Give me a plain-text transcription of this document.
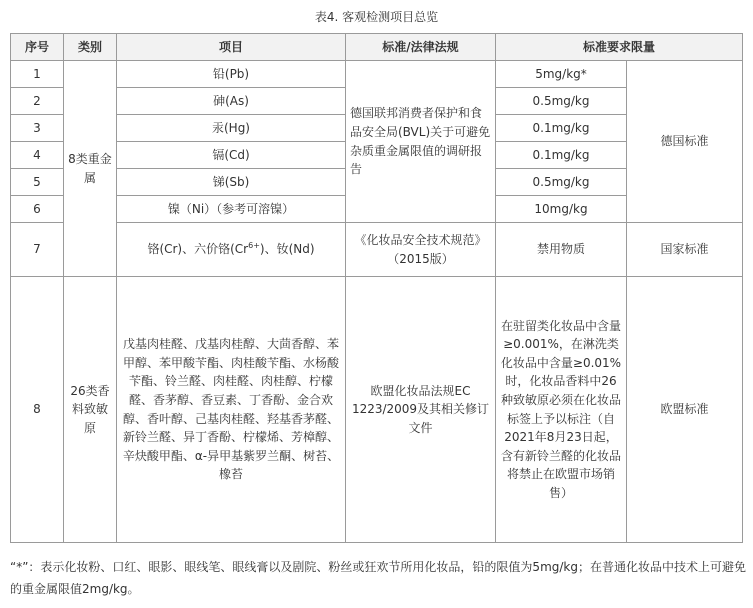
表4. 客观检测项目总览
序号	类别	项目	标准/法律法规	标准要求限量	
1	8类重金属	铅(Pb)	德国联邦消费者保护和食品安全局(BVL)关于可避免杂质重金属限值的调研报告	5mg/kg*	德国标准
2		砷(As)		0.5mg/kg	
3		汞(Hg)		0.1mg/kg	
4		镉(Cd)		0.1mg/kg	
5		锑(Sb)		0.5mg/kg	
6		镍（Ni）（参考可溶镍）		10mg/kg	
7		铬(Cr)、六价铬$(Cr^{6+})$、钕(Nd)	《化妆品安全技术规范》（2015版）	禁用物质	国家标准
8	26类香料致敏原	戊基肉桂醛、戊基肉桂醇、大茴香醇、苯甲醇、苯甲酸苄酯、肉桂酸苄酯、水杨酸苄酯、铃兰醛、肉桂醛、肉桂醇、柠檬醛、香茅醇、香豆素、丁香酚、金合欢醇、香叶醇、己基肉桂醛、羟基香茅醛、新铃兰醛、异丁香酚、柠檬烯、芳樟醇、辛炔酸甲酯、α-异甲基紫罗兰酮、树苔、橡苔	欧盟化妆品法规EC 1223/2009及其相关修订文件	在驻留类化妆品中含量≥0.001%，在淋洗类化妆品中含量≥0.01%时，化妆品香料中26种致敏原必须在化妆品标签上予以标注（自2021年8月23日起，含有新铃兰醛的化妆品将禁止在欧盟市场销售）	欧盟标准
“*”：表示化妆粉、口红、眼影、眼线笔、眼线膏以及剧院、粉丝或狂欢节所用化妆品，铅的限值为5mg/kg；在普通化妆品中技术上可避免的重金属限值2mg/kg。
